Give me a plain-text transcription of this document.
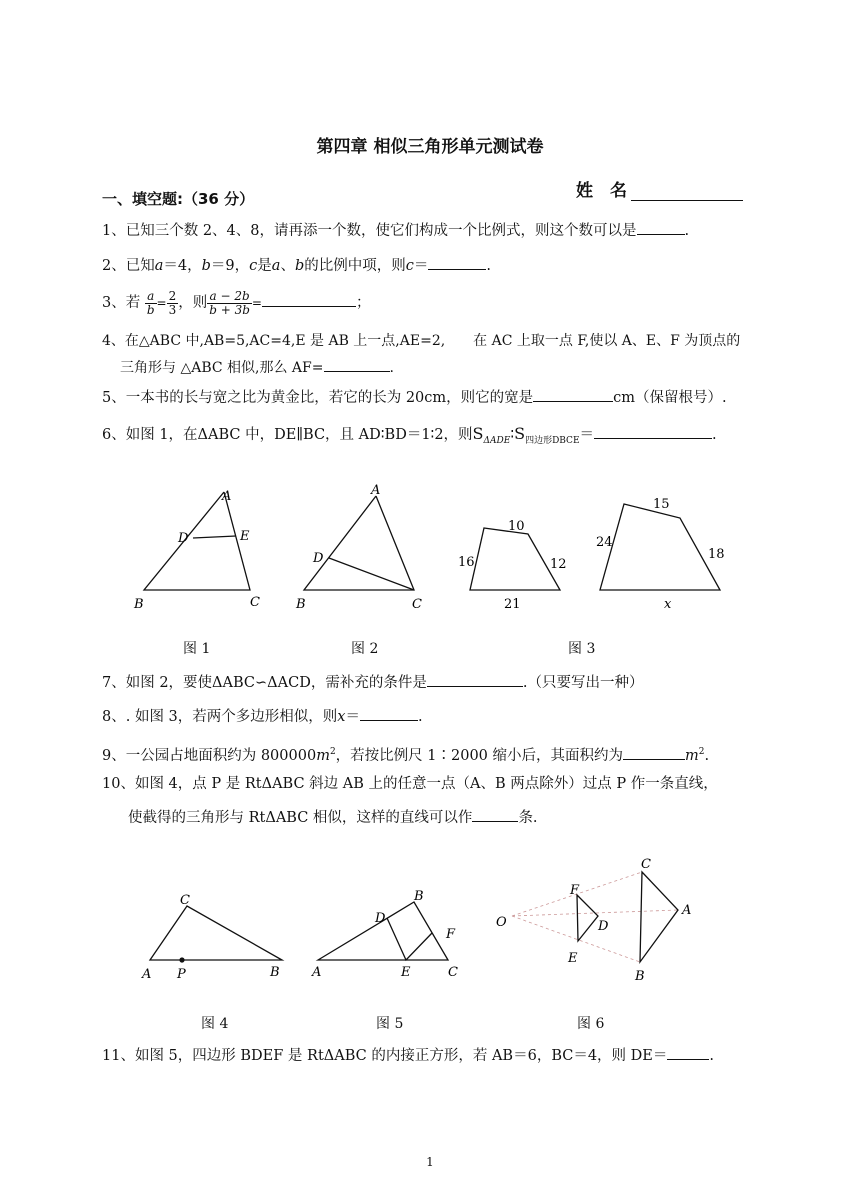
第四章 相似三角形单元测试卷
姓　名
一、填空题:（36 分）
1、已知三个数 2、4、8，请再添一个数，使它们构成一个比例式，则这个数可以是	.
2、已知a＝4，b＝9，c是a、b的比例中项，则c＝	.
3、若 $\frac{a}{b} = \frac{2}{3}$ ，则 $\frac{a - 2b}{b + 3b}$ =	；
4、在△ABC 中,AB=5,AC=4,E 是 AB 上一点,AE=2,　　在 AC 上取一点 F,使以 A、E、F 为顶点的
三角形与 △ABC 相似,那么 AF=	.
5、一本书的长与宽之比为黄金比，若它的长为 20cm，则它的宽是	cm（保留根号）.
6、如图 1，在ΔABC 中，DE∥BC，且 AD∶BD＝1∶2，则$S_{\Delta ADE}∶S_{四边形DBCE}=$	.
A
D	E
B	C
A
D
B	C
10
16	12
21
15
24
18
x
图 1	图 2	图 3
7、如图 2，要使ΔABC∽ΔACD，需补充的条件是	.（只要写出一种）
8、. 如图 3，若两个多边形相似，则x＝	.
9、一公园占地面积约为 $800000m^2$，若按比例尺 1∶2000 缩小后，其面积约为	$m^2$.
10、如图 4，点 P 是 RtΔABC 斜边 AB 上的任意一点（A、B 两点除外）过点 P 作一条直线，
使截得的三角形与 RtΔABC 相似，这样的直线可以作	条.
C
A P	B A
B
D
F
E	C
O
F
D
E
C
A
B
图 4	图 5	图 6
11、如图 5，四边形 BDEF 是 RtΔABC 的内接正方形，若 AB＝6，BC＝4，则 DE＝	.
1
